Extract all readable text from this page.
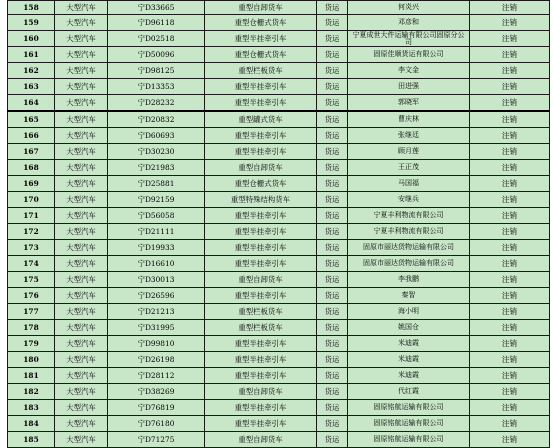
158	大型汽车	宁D33665	重型自卸货车	货运	何炎兴	注销
159	大型汽车	宁D96118	重型仓栅式货车	货运	邓彦和	注销
160	大型汽车	宁D02518	重型半挂牵引车	货运	宁夏成世大件运输有限公司固原分公司	注销
161	大型汽车	宁D50096	重型仓栅式货车	货运	固原佳顺货运有限公司	注销
162	大型汽车	宁D98125	重型栏板货车	货运	李文金	注销
163	大型汽车	宁D13353	重型半挂牵引车	货运	田进强	注销
164	大型汽车	宁D28232	重型半挂牵引车	货运	郭晓军	注销
165	大型汽车	宁D20832	重型罐式货车	货运	曹庆林	注销
166	大型汽车	宁D60693	重型半挂牵引车	货运	张继廷	注销
167	大型汽车	宁D30230	重型半挂牵引车	货运	顾月莲	注销
168	大型汽车	宁D21983	重型自卸货车	货运	王正茂	注销
169	大型汽车	宁D25881	重型仓栅式货车	货运	马国福	注销
170	大型汽车	宁D92159	重型特殊结构货车	货运	安继兵	注销
171	大型汽车	宁D56058	重型半挂牵引车	货运	宁夏丰利物流有限公司	注销
172	大型汽车	宁D21111	重型半挂牵引车	货运	宁夏丰利物流有限公司	注销
173	大型汽车	宁D19933	重型半挂牵引车	货运	固原市丽达货物运输有限公司	注销
174	大型汽车	宁D16610	重型半挂牵引车	货运	固原市丽达货物运输有限公司	注销
175	大型汽车	宁D30013	重型自卸货车	货运	李我鹏	注销
176	大型汽车	宁D26596	重型半挂牵引车	货运	秦智	注销
177	大型汽车	宁D21213	重型栏板货车	货运	海小明	注销
178	大型汽车	宁D31995	重型栏板货车	货运	姚国仓	注销
179	大型汽车	宁D99810	重型半挂牵引车	货运	米迪霞	注销
180	大型汽车	宁D26198	重型半挂牵引车	货运	米迪霞	注销
181	大型汽车	宁D28112	重型半挂牵引车	货运	米迪霞	注销
182	大型汽车	宁D38269	重型自卸货车	货运	代红霞	注销
183	大型汽车	宁D76819	重型半挂牵引车	货运	固原铭航运输有限公司	注销
184	大型汽车	宁D76180	重型半挂牵引车	货运	固原铭航运输有限公司	注销
185	大型汽车	宁D71275	重型自卸货车	货运	固原铭航运输有限公司	注销
